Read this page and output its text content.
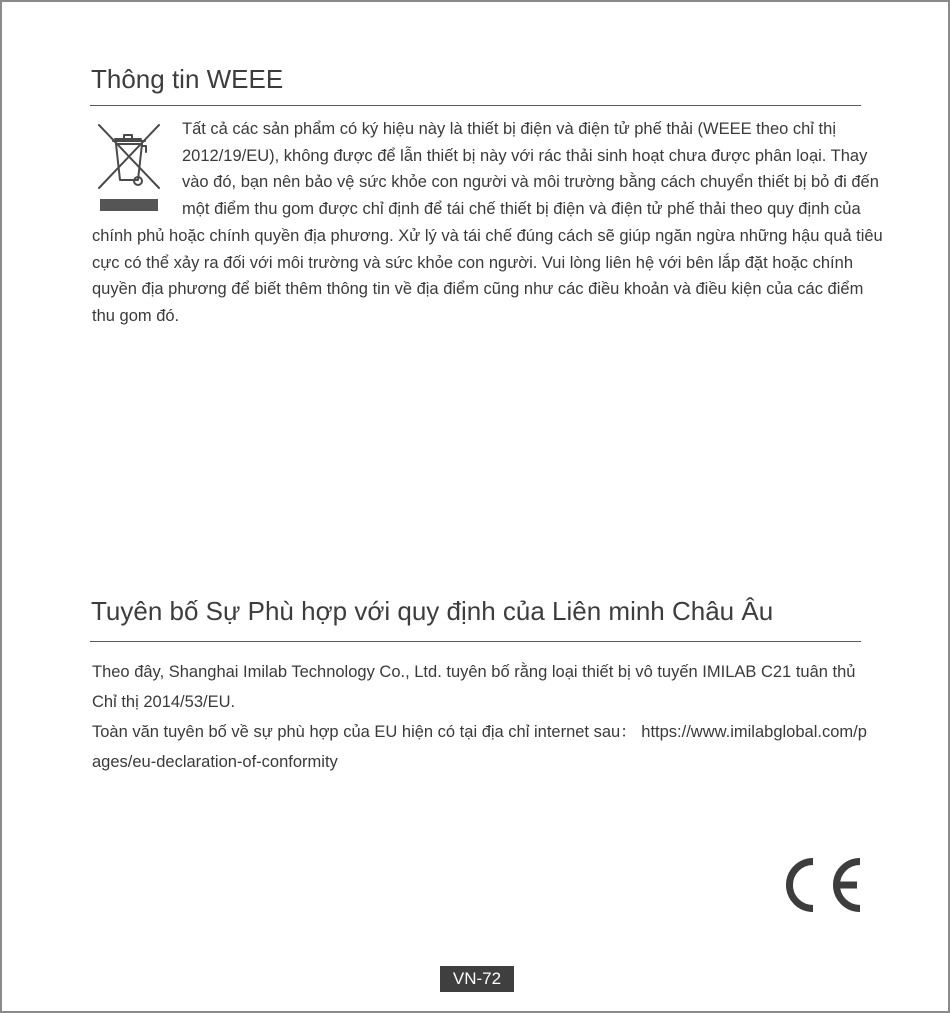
Thông tin WEEE

Tất cả các sản phẩm có ký hiệu này là thiết bị điện và điện tử phế thải (WEEE theo chỉ thị 2012/19/EU), không được để lẫn thiết bị này với rác thải sinh hoạt chưa được phân loại. Thay vào đó, bạn nên bảo vệ sức khỏe con người và môi trường bằng cách chuyển thiết bị bỏ đi đến một điểm thu gom được chỉ định để tái chế thiết bị điện và điện tử phế thải theo quy định của chính phủ hoặc chính quyền địa phương. Xử lý và tái chế đúng cách sẽ giúp ngăn ngừa những hậu quả tiêu cực có thể xảy ra đối với môi trường và sức khỏe con người. Vui lòng liên hệ với bên lắp đặt hoặc chính quyền địa phương để biết thêm thông tin về địa điểm cũng như các điều khoản và điều kiện của các điểm thu gom đó.

Tuyên bố Sự Phù hợp với quy định của Liên minh Châu Âu

Theo đây, Shanghai Imilab Technology Co., Ltd. tuyên bố rằng loại thiết bị vô tuyến IMILAB C21 tuân thủ Chỉ thị 2014/53/EU.

Toàn văn tuyên bố về sự phù hợp của EU hiện có tại địa chỉ internet sau： https://www.imilabglobal.com/pages/eu-declaration-of-conformity

VN-72
